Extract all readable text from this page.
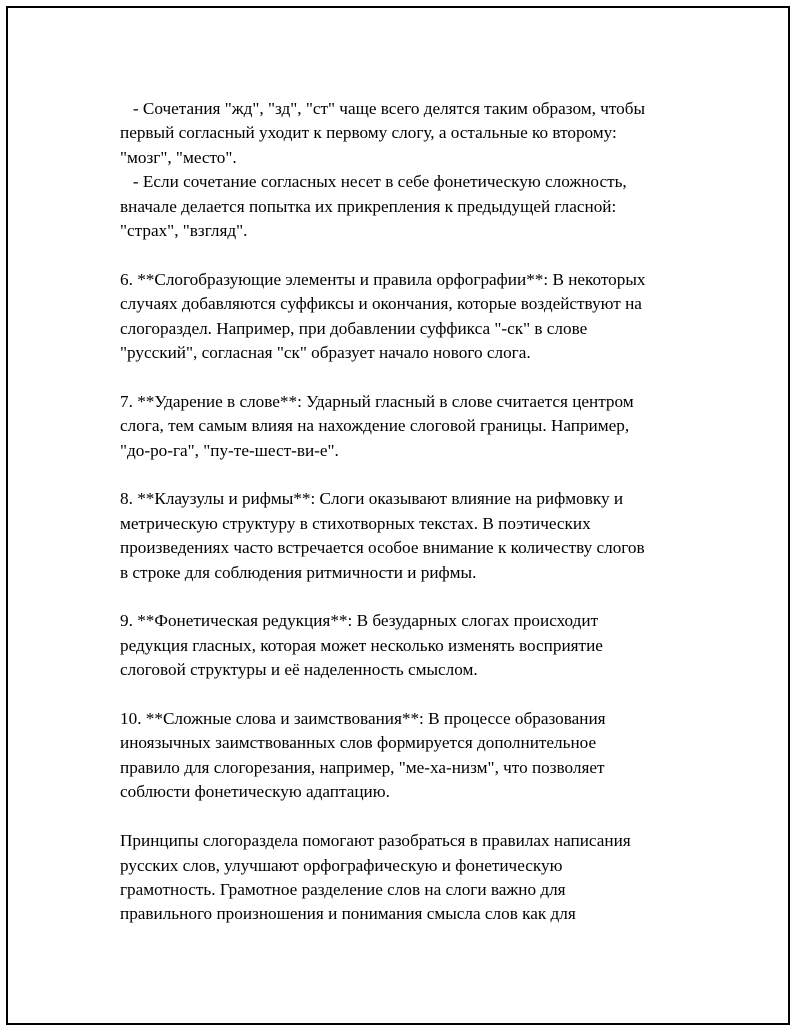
- Сочетания "жд", "зд", "ст" чаще всего делятся таким образом, чтобы
первый согласный уходит к первому слогу, а остальные ко второму:
"мозг", "место".
- Если сочетание согласных несет в себе фонетическую сложность,
вначале делается попытка их прикрепления к предыдущей гласной:
"страх", "взгляд".

6. **Слогобразующие элементы и правила орфографии**: В некоторых
случаях добавляются суффиксы и окончания, которые воздействуют на
слогораздел. Например, при добавлении суффикса "-ск" в слове
"русский", согласная "ск" образует начало нового слога.

7. **Ударение в слове**: Ударный гласный в слове считается центром
слога, тем самым влияя на нахождение слоговой границы. Например,
"до-ро-га", "пу-те-шест-ви-е".

8. **Клаузулы и рифмы**: Слоги оказывают влияние на рифмовку и
метрическую структуру в стихотворных текстах. В поэтических
произведениях часто встречается особое внимание к количеству слогов
в строке для соблюдения ритмичности и рифмы.

9. **Фонетическая редукция**: В безударных слогах происходит
редукция гласных, которая может несколько изменять восприятие
слоговой структуры и её наделенность смыслом.

10. **Сложные слова и заимствования**: В процессе образования
иноязычных заимствованных слов формируется дополнительное
правило для слогорезания, например, "ме-ха-низм", что позволяет
соблюсти фонетическую адаптацию.

Принципы слогораздела помогают разобраться в правилах написания
русских слов, улучшают орфографическую и фонетическую
грамотность. Грамотное разделение слов на слоги важно для
правильного произношения и понимания смысла слов как для
